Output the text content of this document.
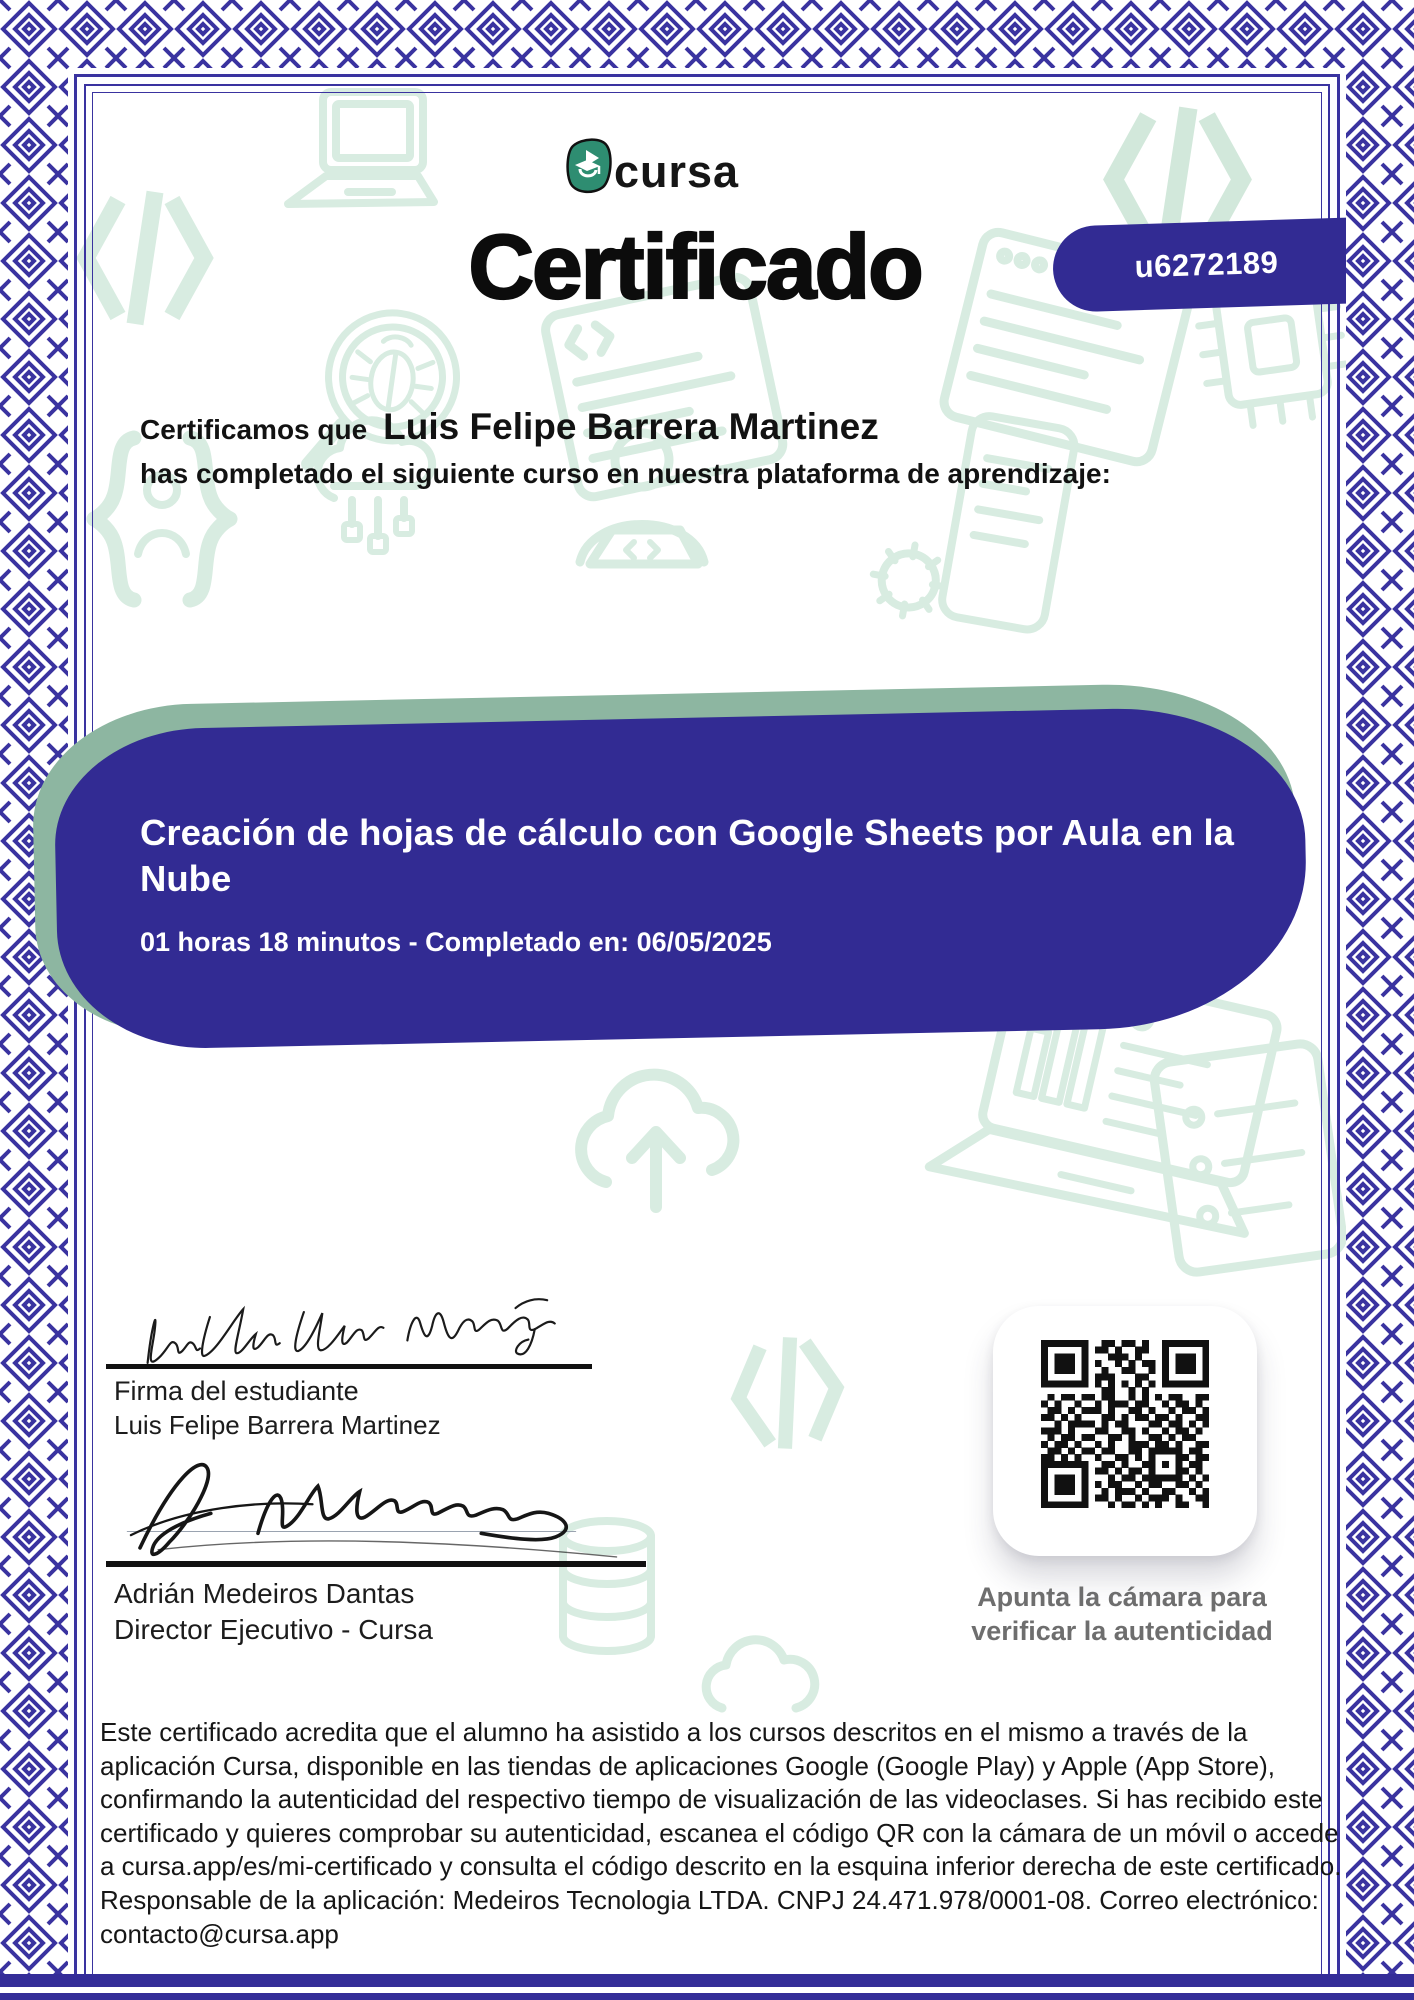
u6272189
cursa
Certificado
Certificamos que Luis Felipe Barrera Martinez
has completado el siguiente curso en nuestra plataforma de aprendizaje:
Creación de hojas de cálculo con Google Sheets por Aula en la Nube
01 horas 18 minutos - Completado en: 06/05/2025
Firma del estudiante
Luis Felipe Barrera Martinez
Adrián Medeiros Dantas
Director Ejecutivo - Cursa
Apunta la cámara para
verificar la autenticidad
Este certificado acredita que el alumno ha asistido a los cursos descritos en el mismo a través de la aplicación Cursa, disponible en las tiendas de aplicaciones Google (Google Play) y Apple (App Store), confirmando la autenticidad del respectivo tiempo de visualización de las videoclases. Si has recibido este certificado y quieres comprobar su autenticidad, escanea el código QR con la cámara de un móvil o accede a cursa.app/es/mi-certificado y consulta el código descrito en la esquina inferior derecha de este certificado. Responsable de la aplicación: Medeiros Tecnologia LTDA. CNPJ 24.471.978/0001-08. Correo electrónico: contacto@cursa.app
